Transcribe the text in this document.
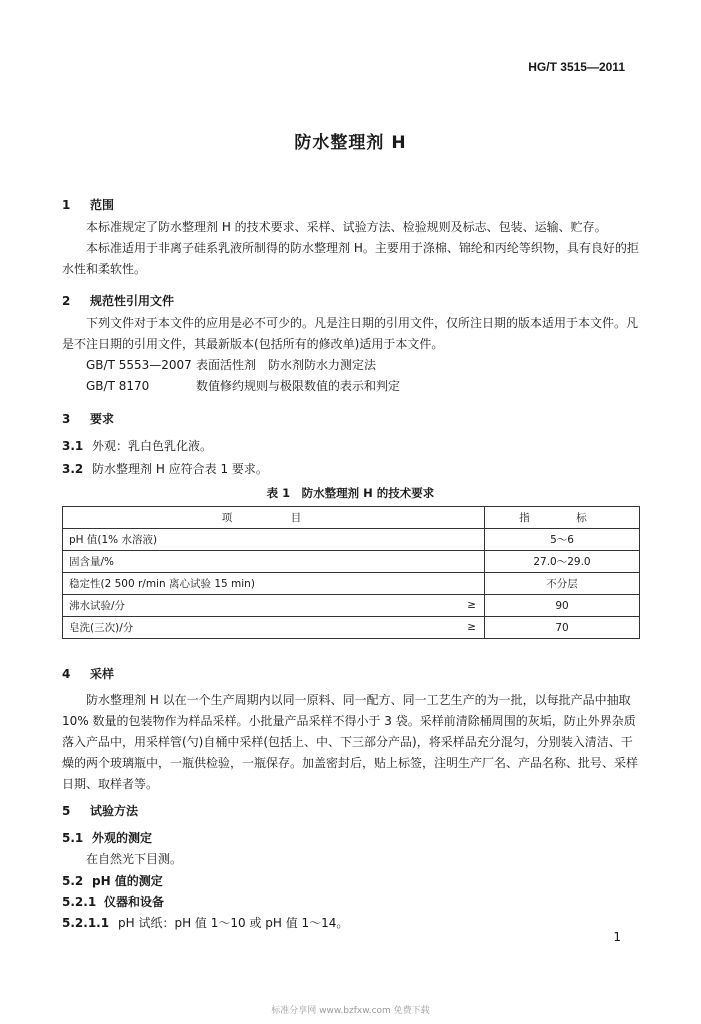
HG/T 3515—2011
防水整理剂 H
1 范围
本标准规定了防水整理剂 H 的技术要求、采样、试验方法、检验规则及标志、包装、运输、贮存。
本标准适用于非离子硅系乳液所制得的防水整理剂 H。主要用于涤棉、锦纶和丙纶等织物，具有良好的拒水性和柔软性。
2 规范性引用文件
下列文件对于本文件的应用是必不可少的。凡是注日期的引用文件，仅所注日期的版本适用于本文件。凡是不注日期的引用文件，其最新版本(包括所有的修改单)适用于本文件。
GB/T 5553—2007 表面活性剂　防水剂防水力测定法
GB/T 8170	数值修约规则与极限数值的表示和判定
3 要求
3.1 外观：乳白色乳化液。
3.2 防水整理剂 H 应符合表 1 要求。
表 1　防水整理剂 H 的技术要求
项　目	指　标
pH 值(1% 水溶液)	5～6
固含量/%	27.0～29.0
稳定性(2 500 r/min 离心试验 15 min)	不分层
沸水试验/分 ≥	90
皂洗(三次)/分 ≥	70
4 采样
防水整理剂 H 以在一个生产周期内以同一原料、同一配方、同一工艺生产的为一批，以每批产品中抽取 10% 数量的包装物作为样品采样。小批量产品采样不得小于 3 袋。采样前清除桶周围的灰垢，防止外界杂质落入产品中，用采样管(勺)自桶中采样(包括上、中、下三部分产品)，将采样品充分混匀，分别装入清洁、干燥的两个玻璃瓶中，一瓶供检验，一瓶保存。加盖密封后，贴上标签，注明生产厂名、产品名称、批号、采样日期、取样者等。
5 试验方法
5.1 外观的测定
在自然光下目测。
5.2 pH 值的测定
5.2.1 仪器和设备
5.2.1.1 pH 试纸：pH 值 1～10 或 pH 值 1～14。
1
标准分享网 www.bzfxw.com 免费下载
